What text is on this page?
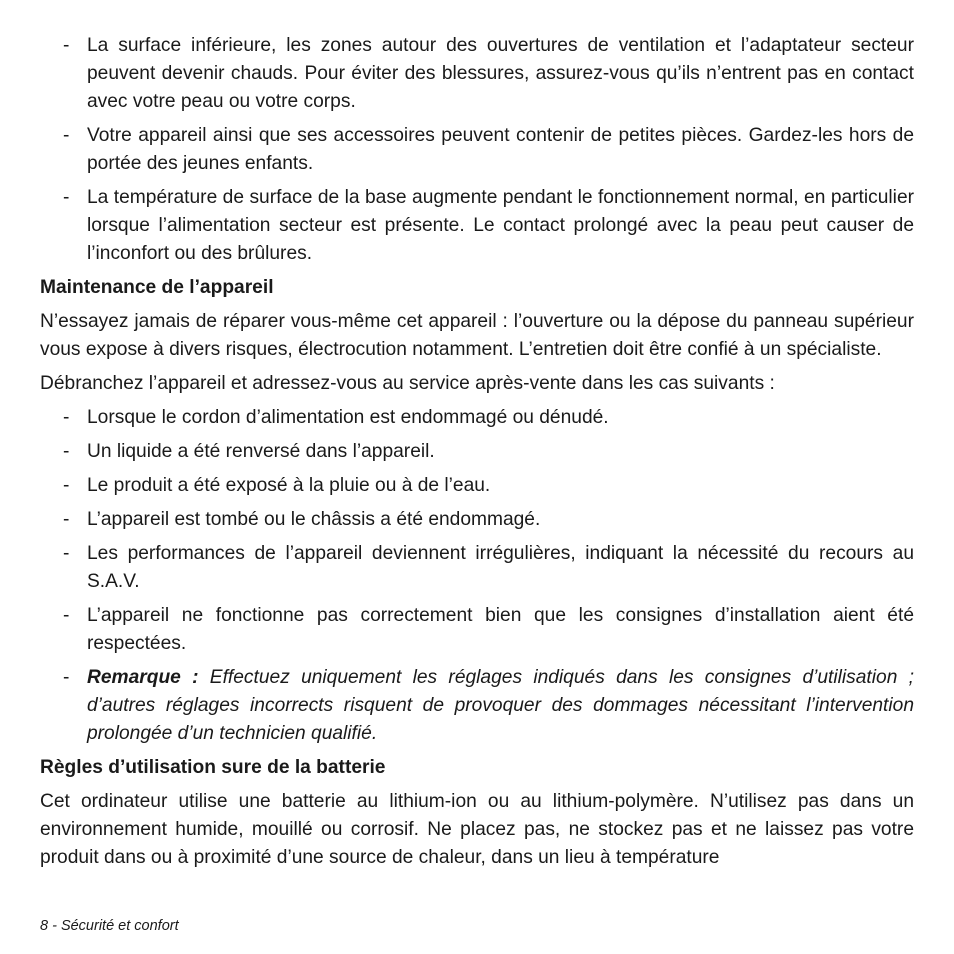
- La surface inférieure, les zones autour des ouvertures de ventilation et l’adaptateur secteur peuvent devenir chauds. Pour éviter des blessures, assurez-vous qu’ils n’entrent pas en contact avec votre peau ou votre corps.
- Votre appareil ainsi que ses accessoires peuvent contenir de petites pièces. Gardez-les hors de portée des jeunes enfants.
- La température de surface de la base augmente pendant le fonctionnement normal, en particulier lorsque l’alimentation secteur est présente. Le contact prolongé avec la peau peut causer de l’inconfort ou des brûlures.
Maintenance de l’appareil

N’essayez jamais de réparer vous-même cet appareil : l’ouverture ou la dépose du panneau supérieur vous expose à divers risques, électrocution notamment. L’entretien doit être confié à un spécialiste.

Débranchez l’appareil et adressez-vous au service après-vente dans les cas suivants :

- Lorsque le cordon d’alimentation est endommagé ou dénudé.
- Un liquide a été renversé dans l’appareil.
- Le produit a été exposé à la pluie ou à de l’eau.
- L’appareil est tombé ou le châssis a été endommagé.
- Les performances de l’appareil deviennent irrégulières, indiquant la nécessité du recours au S.A.V.
- L’appareil ne fonctionne pas correctement bien que les consignes d’installation aient été respectées.
- Remarque : Effectuez uniquement les réglages indiqués dans les consignes d’utilisation ; d’autres réglages incorrects risquent de provoquer des dommages nécessitant l’intervention prolongée d’un technicien qualifié.
Règles d’utilisation sure de la batterie

Cet ordinateur utilise une batterie au lithium-ion ou au lithium-polymère. N’utilisez pas dans un environnement humide, mouillé ou corrosif. Ne placez pas, ne stockez pas et ne laissez pas votre produit dans ou à proximité d’une source de chaleur, dans un lieu à température

8 - Sécurité et confort
